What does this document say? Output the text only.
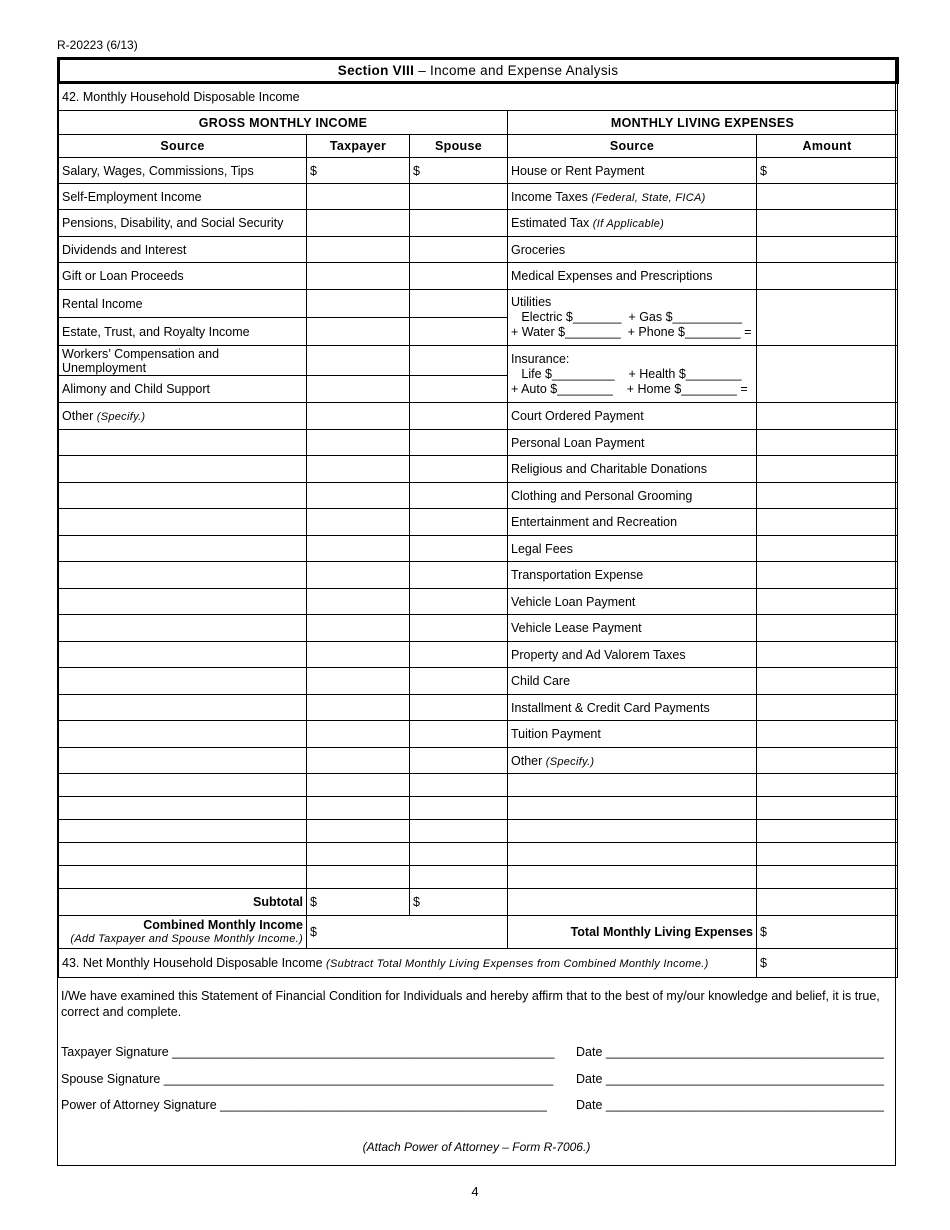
R-20223 (6/13)
Section VIII – Income and Expense Analysis				
42. Monthly Household Disposable Income				
GROSS MONTHLY INCOME			MONTHLY LIVING EXPENSES	
Source	Taxpayer	Spouse	Source	Amount
Salary, Wages, Commissions, Tips	$	$	House or Rent Payment	$
Self-Employment Income			Income Taxes (Federal, State, FICA)	
Pensions, Disability, and Social Security			Estimated Tax (If Applicable)	
Dividends and Interest			Groceries	
Gift or Loan Proceeds			Medical Expenses and Prescriptions	
Rental Income			Utilities
Electric $_______  + Gas $__________
+ Water $________  + Phone $________ =	
Estate, Trust, and Royalty Income				
Workers’ Compensation and Unemployment			Insurance:
Life $_________    + Health $________
+ Auto $________    + Home $________ =	
Alimony and Child Support				
Other (Specify.)			Court Ordered Payment	
			Personal Loan Payment	
			Religious and Charitable Donations	
			Clothing and Personal Grooming	
			Entertainment and Recreation	
			Legal Fees	
			Transportation Expense	
			Vehicle Loan Payment	
			Vehicle Lease Payment	
			Property and Ad Valorem Taxes	
			Child Care	
			Installment & Credit Card Payments	
			Tuition Payment	
			Other (Specify.)	

Subtotal	$	$		

Combined Monthly Income
(Add Taxpayer and Spouse Monthly Income.)	$		Total Monthly Living Expenses	$
43. Net Monthly Household Disposable Income (Subtract Total Monthly Living Expenses from Combined Monthly Income.)				$
I/We have examined this Statement of Financial Condition for Individuals and hereby affirm that to the best of my/our knowledge and belief, it is true, correct and complete.
Taxpayer Signature _______________________________________________________ Date ________________________________________
Spouse Signature ________________________________________________________ Date ________________________________________
Power of Attorney Signature _______________________________________________ Date ________________________________________
(Attach Power of Attorney – Form R-7006.)
4
